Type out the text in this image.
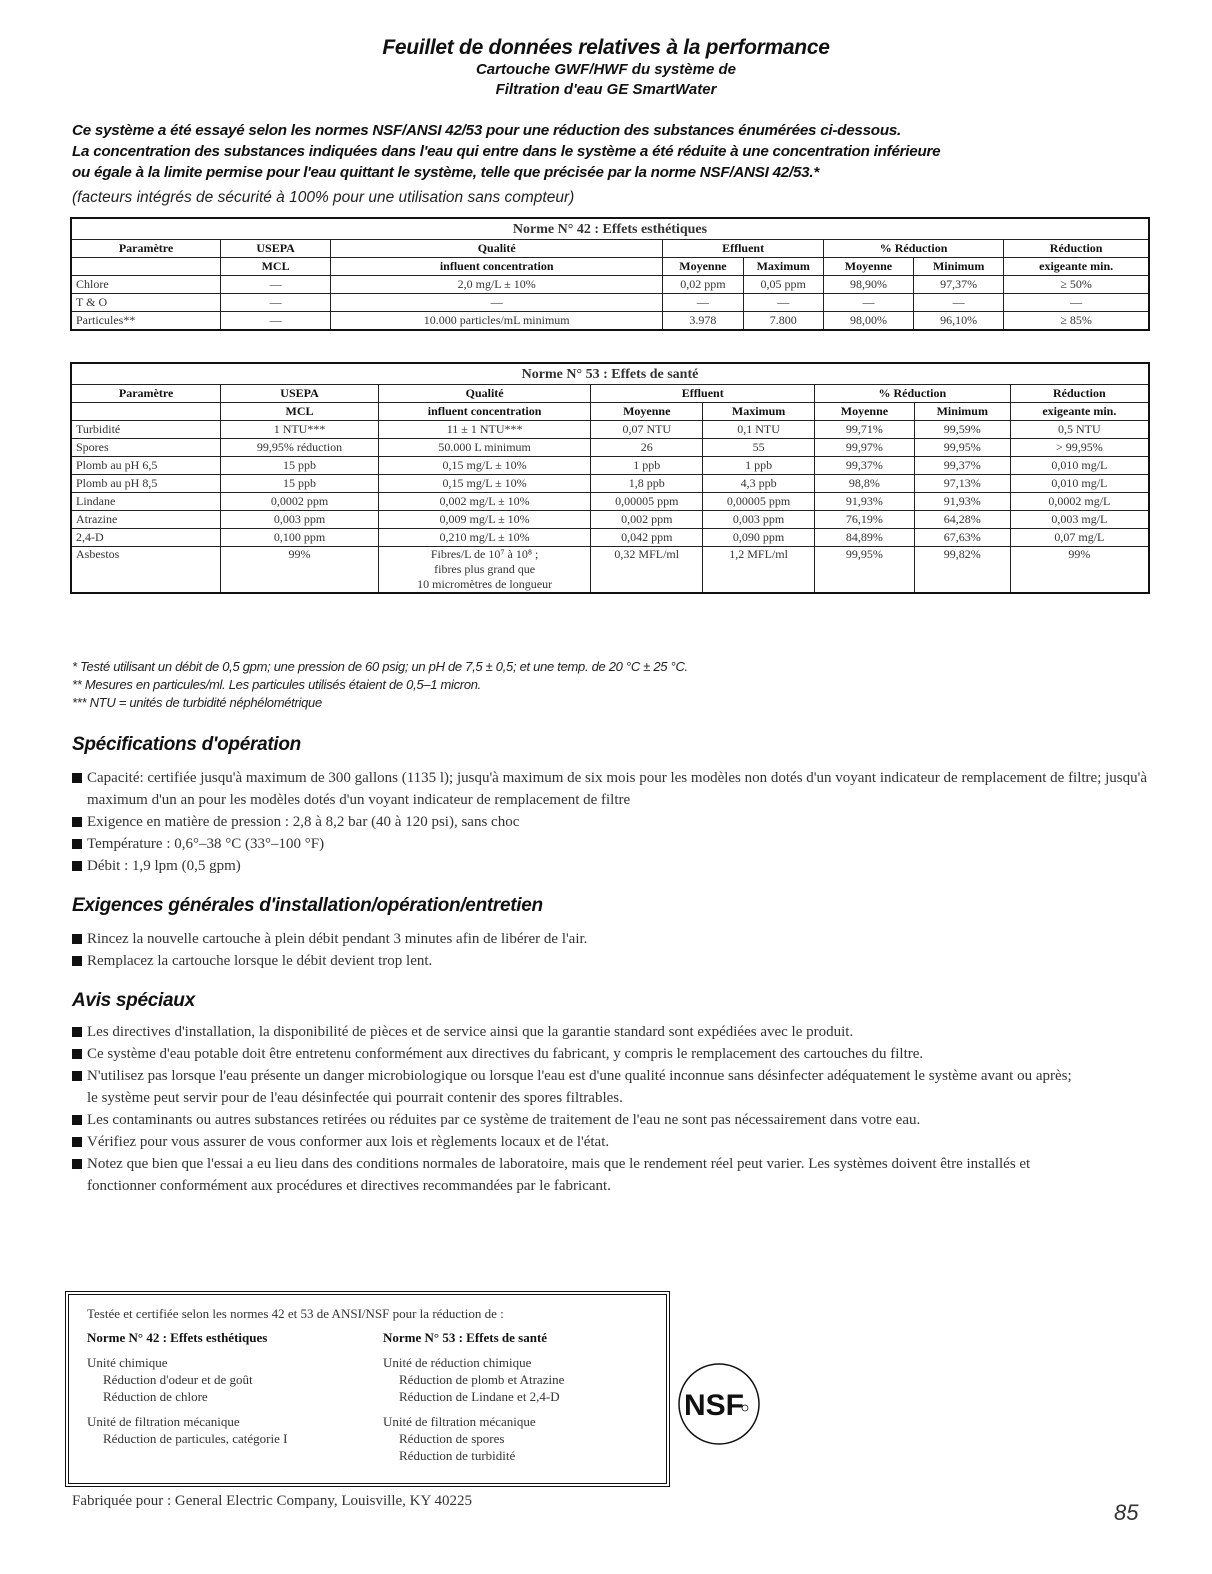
Feuillet de données relatives à la performance
Cartouche GWF/HWF du système de
Filtration d'eau GE SmartWater
Ce système a été essayé selon les normes NSF/ANSI 42/53 pour une réduction des substances énumérées ci-dessous.
La concentration des substances indiquées dans l'eau qui entre dans le système a été réduite à une concentration inférieure
ou égale à la limite permise pour l'eau quittant le système, telle que précisée par la norme NSF/ANSI 42/53.*
(facteurs intégrés de sécurité à 100% pour une utilisation sans compteur)
Norme N° 42 : Effets esthétiques							
Paramètre	USEPA	Qualité	Effluent		% Réduction		Réduction
	MCL	influent concentration	Moyenne	Maximum	Moyenne	Minimum	exigeante min.
Chlore	—	2,0 mg/L ± 10%	0,02 ppm	0,05 ppm	98,90%	97,37%	≥ 50%
T & O	—	—	—	—	—	—	—
Particules**	—	10.000 particles/mL minimum	3.978	7.800	98,00%	96,10%	≥ 85%
Norme N° 53 : Effets de santé							
Paramètre	USEPA	Qualité	Effluent		% Réduction		Réduction
	MCL	influent concentration	Moyenne	Maximum	Moyenne	Minimum	exigeante min.
Turbidité	1 NTU***	11 ± 1 NTU***	0,07 NTU	0,1 NTU	99,71%	99,59%	0,5 NTU
Spores	99,95% réduction	50.000 L minimum	26	55	99,97%	99,95%	> 99,95%
Plomb au pH 6,5	15 ppb	0,15 mg/L ± 10%	1 ppb	1 ppb	99,37%	99,37%	0,010 mg/L
Plomb au pH 8,5	15 ppb	0,15 mg/L ± 10%	1,8 ppb	4,3 ppb	98,8%	97,13%	0,010 mg/L
Lindane	0,0002 ppm	0,002 mg/L ± 10%	0,00005 ppm	0,00005 ppm	91,93%	91,93%	0,0002 mg/L
Atrazine	0,003 ppm	0,009 mg/L ± 10%	0,002 ppm	0,003 ppm	76,19%	64,28%	0,003 mg/L
2,4-D	0,100 ppm	0,210 mg/L ± 10%	0,042 ppm	0,090 ppm	84,89%	67,63%	0,07 mg/L
Asbestos	99%	Fibres/L de 10⁷ à 10⁸ ;
fibres plus grand que
10 micromètres de longueur	0,32 MFL/ml	1,2 MFL/ml	99,95%	99,82%	99%
* Testé utilisant un débit de 0,5 gpm; une pression de 60 psig; un pH de 7,5 ± 0,5; et une temp. de 20 °C ± 25 °C.
** Mesures en particules/ml. Les particules utilisés étaient de 0,5–1 micron.
*** NTU = unités de turbidité néphélométrique
Spécifications d'opération
Capacité: certifiée jusqu'à maximum de 300 gallons (1135 l); jusqu'à maximum de six mois pour les modèles non dotés d'un voyant indicateur de remplacement de filtre; jusqu'à maximum d'un an pour les modèles dotés d'un voyant indicateur de remplacement de filtre
Exigence en matière de pression : 2,8 à 8,2 bar (40 à 120 psi), sans choc
Température : 0,6°–38 °C (33°–100 °F)
Débit : 1,9 lpm (0,5 gpm)
Exigences générales d'installation/opération/entretien
Rincez la nouvelle cartouche à plein débit pendant 3 minutes afin de libérer de l'air.
Remplacez la cartouche lorsque le débit devient trop lent.
Avis spéciaux
Les directives d'installation, la disponibilité de pièces et de service ainsi que la garantie standard sont expédiées avec le produit.
Ce système d'eau potable doit être entretenu conformément aux directives du fabricant, y compris le remplacement des cartouches du filtre.
N'utilisez pas lorsque l'eau présente un danger microbiologique ou lorsque l'eau est d'une qualité inconnue sans désinfecter adéquatement le système avant ou après; le système peut servir pour de l'eau désinfectée qui pourrait contenir des spores filtrables.
Les contaminants ou autres substances retirées ou réduites par ce système de traitement de l'eau ne sont pas nécessairement dans votre eau.
Vérifiez pour vous assurer de vous conformer aux lois et règlements locaux et de l'état.
Notez que bien que l'essai a eu lieu dans des conditions normales de laboratoire, mais que le rendement réel peut varier. Les systèmes doivent être installés et fonctionner conformément aux procédures et directives recommandées par le fabricant.
Testée et certifiée selon les normes 42 et 53 de ANSI/NSF pour la réduction de :
Norme N° 42 : Effets esthétiques
Unité chimique
Réduction d'odeur et de goût
Réduction de chlore
Unité de filtration mécanique
Réduction de particules, catégorie I
Norme N° 53 : Effets de santé
Unité de réduction chimique
Réduction de plomb et Atrazine
Réduction de Lindane et 2,4-D
Unité de filtration mécanique
Réduction de spores
Réduction de turbidité
NSF
Fabriquée pour : General Electric Company, Louisville, KY 40225	85
